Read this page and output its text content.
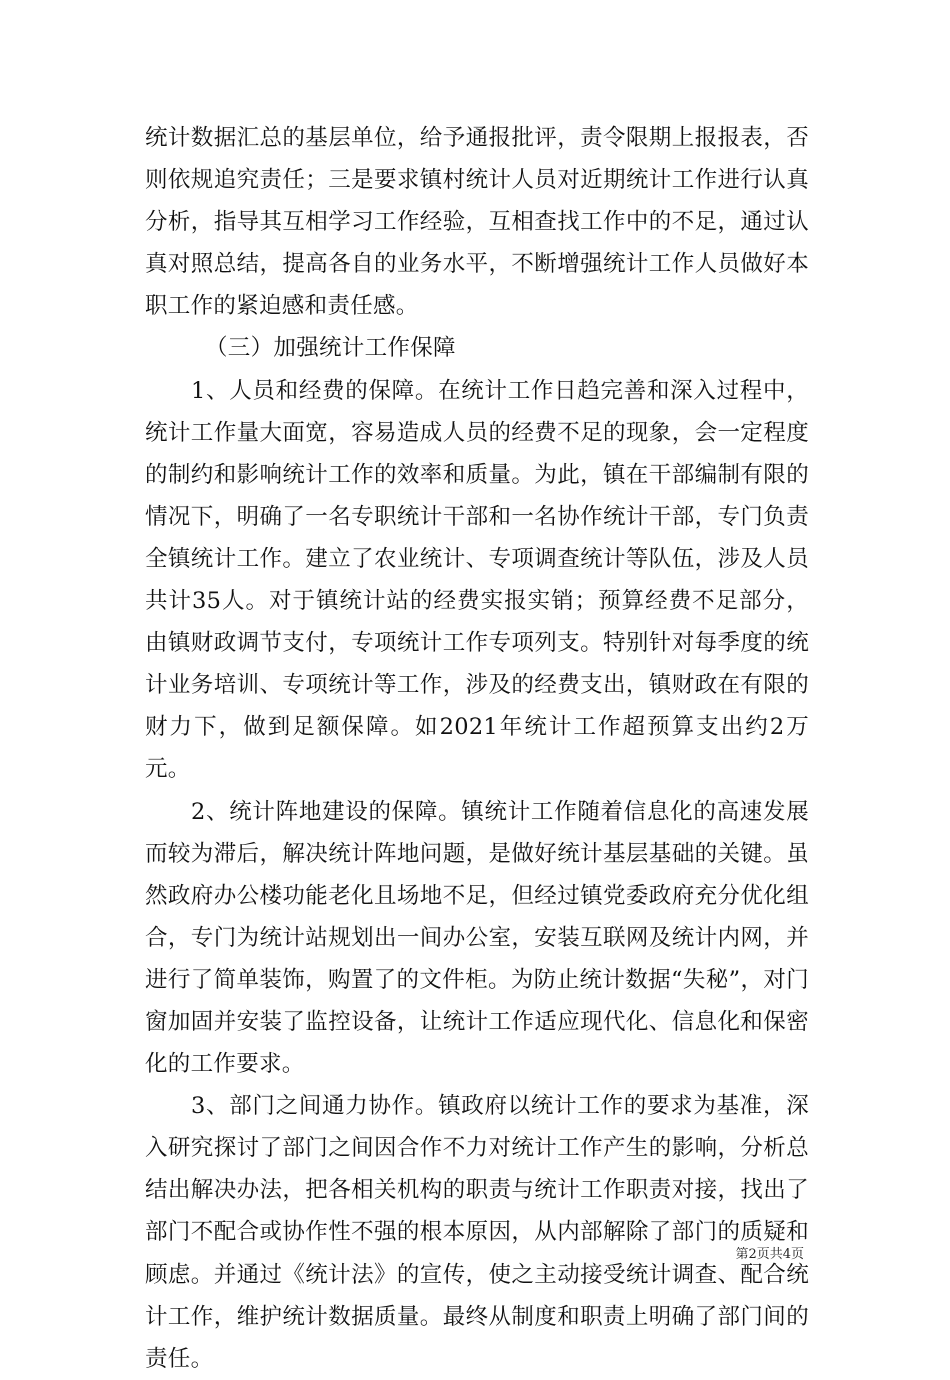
统计数据汇总的基层单位，给予通报批评，责令限期上报报表，否则依规追究责任；三是要求镇村统计人员对近期统计工作进行认真分析，指导其互相学习工作经验，互相查找工作中的不足，通过认真对照总结，提高各自的业务水平，不断增强统计工作人员做好本职工作的紧迫感和责任感。

（三）加强统计工作保障

1、人员和经费的保障。在统计工作日趋完善和深入过程中，统计工作量大面宽，容易造成人员的经费不足的现象，会一定程度的制约和影响统计工作的效率和质量。为此，镇在干部编制有限的情况下，明确了一名专职统计干部和一名协作统计干部，专门负责全镇统计工作。建立了农业统计、专项调查统计等队伍，涉及人员共计35人。对于镇统计站的经费实报实销；预算经费不足部分，由镇财政调节支付，专项统计工作专项列支。特别针对每季度的统计业务培训、专项统计等工作，涉及的经费支出，镇财政在有限的财力下，做到足额保障。如2021年统计工作超预算支出约2万元。

2、统计阵地建设的保障。镇统计工作随着信息化的高速发展而较为滞后，解决统计阵地问题，是做好统计基层基础的关键。虽然政府办公楼功能老化且场地不足，但经过镇党委政府充分优化组合，专门为统计站规划出一间办公室，安装互联网及统计内网，并进行了简单装饰，购置了的文件柜。为防止统计数据“失秘”，对门窗加固并安装了监控设备，让统计工作适应现代化、信息化和保密化的工作要求。

3、部门之间通力协作。镇政府以统计工作的要求为基准，深入研究探讨了部门之间因合作不力对统计工作产生的影响，分析总结出解决办法，把各相关机构的职责与统计工作职责对接，找出了部门不配合或协作性不强的根本原因，从内部解除了部门的质疑和顾虑。并通过《统计法》的宣传，使之主动接受统计调查、配合统计工作，维护统计数据质量。最终从制度和职责上明确了部门间的责任。

第2页共4页
